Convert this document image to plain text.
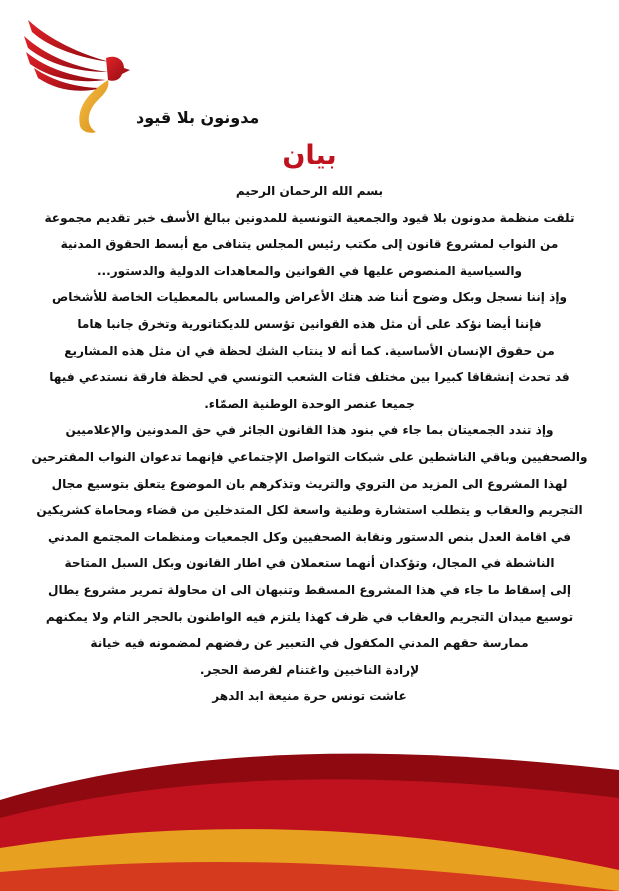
مدونون بلا قيود
بيان
بسم الله الرحمان الرحيم
تلقت منظمة مدونون بلا قيود والجمعية التونسية للمدونين ببالغ الأسف خبر تقديم مجموعة
من النواب لمشروع قانون إلى مكتب رئيس المجلس يتنافى مع أبسط الحقوق المدنية
والسياسية المنصوص عليها في القوانين والمعاهدات الدولية والدستور...
وإذ إننا نسجل وبكل وضوح أننا ضد هتك الأعراض والمساس بالمعطيات الخاصة للأشخاص
فإننا أيضا نؤكد على أن مثل هذه القوانين تؤسس للديكتاتورية وتخرق جانبا هاما
من حقوق الإنسان الأساسية. كما أنه لا ينتاب الشك لحظة في ان مثل هذه المشاريع
قد تحدث إنشقاقا كبيرا بين مختلف فئات الشعب التونسي في لحظة فارقة نستدعي فيها
جميعا عنصر الوحدة الوطنية الصمّاء.
وإذ تندد الجمعيتان بما جاء في بنود هذا القانون الجائر في حق المدونين والإعلاميين
والصحفيين وباقي الناشطين على شبكات التواصل الإجتماعي فإنهما تدعوان النواب المقترحين
لهذا المشروع الى المزيد من التروي والتريث وتذكرهم بان الموضوع يتعلق بتوسيع مجال
التجريم والعقاب و يتطلب استشارة وطنية واسعة لكل المتدخلين من قضاء ومحاماة كشريكين
في اقامة العدل بنص الدستور ونقابة الصحفيين وكل الجمعيات ومنظمات المجتمع المدني
الناشطة في المجال، وتؤكدان أنهما ستعملان في اطار القانون وبكل السبل المتاحة
إلى إسقاط ما جاء في هذا المشروع المسقط وتنبهان الى ان محاولة تمرير مشروع يطال
توسيع ميدان التجريم والعقاب في ظرف كهذا يلتزم فيه الواطنون بالحجر التام ولا يمكنهم
ممارسة حقهم المدني المكفول في التعبير عن رفضهم لمضمونه فيه خيانة
لإرادة الناخبين واغتنام لفرصة الحجر.
عاشت تونس حرة منيعة ابد الدهر
